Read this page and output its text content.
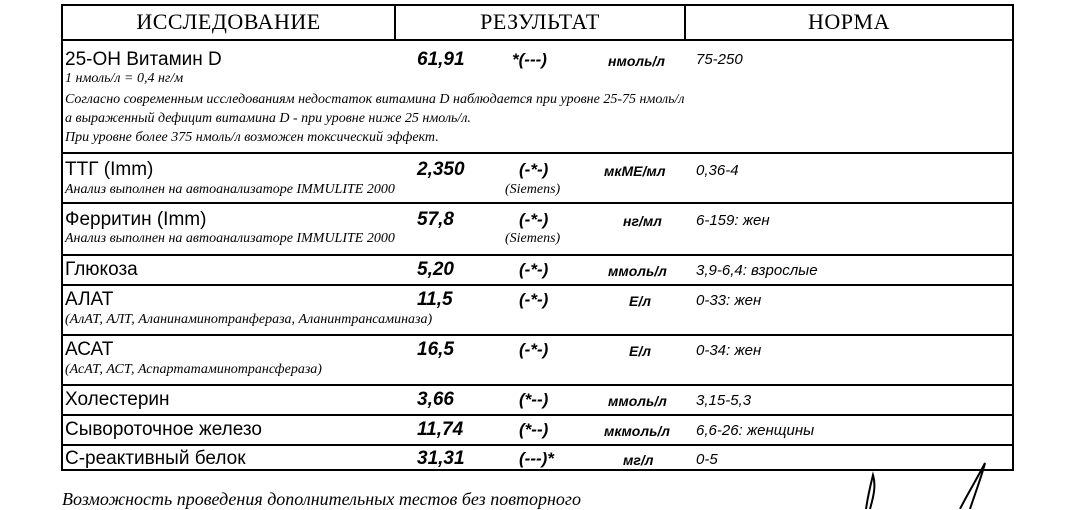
ИССЛЕДОВАНИЕ	РЕЗУЛЬТАТ	НОРМА
25-ОН Витамин D	61,91	*(---)	нмоль/л 75-250
1 нмоль/л = 0,4 нг/м
Согласно современным исследованиям недостаток витамина D наблюдается при уровне 25-75 нмоль/л
а выраженный дефицит витамина D - при уровне ниже 25 нмоль/л.
При уровне более 375 нмоль/л возможен токсический эффект.
ТТГ (Imm)	2,350	(-*-)	мкМЕ/мл 0,36-4
Анализ выполнен на автоанализаторе IMMULITE 2000	(Siemens)
Ферритин (Imm)	57,8	(-*-)	нг/мл 6-159: жен
Анализ выполнен на автоанализаторе IMMULITE 2000	(Siemens)
Глюкоза	5,20	(-*-)	ммоль/л 3,9-6,4: взрослые
АЛАТ	11,5	(-*-)	Е/л	0-33: жен
(АлАТ, АЛТ, Аланинаминотранфераза, Аланинтрансаминаза)
АСАТ	16,5	(-*-)	Е/л	0-34: жен
(АсАТ, АСТ, Аспартатаминотрансфераза)
Холестерин	3,66	(*--)	ммоль/л 3,15-5,3
Сывороточное железо	11,74	(*--)	мкмоль/л 6,6-26: женщины
С-реактивный белок	31,31	(---)*	мг/л	0-5
Возможность проведения дополнительных тестов без повторного
